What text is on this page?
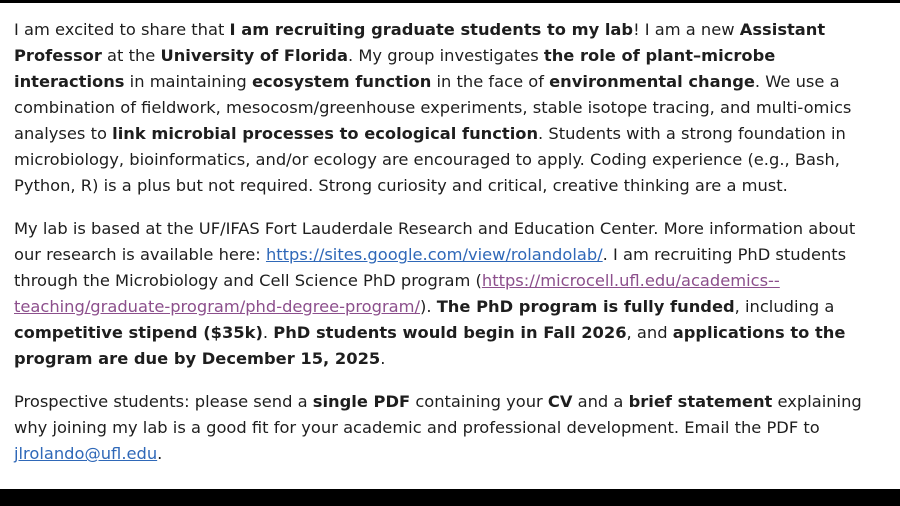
I am excited to share that I am recruiting graduate students to my lab! I am a new Assistant Professor at the University of Florida. My group investigates the role of plant–microbe interactions in maintaining ecosystem function in the face of environmental change. We use a combination of fieldwork, mesocosm/greenhouse experiments, stable isotope tracing, and multi-omics analyses to link microbial processes to ecological function. Students with a strong foundation in microbiology, bioinformatics, and/or ecology are encouraged to apply. Coding experience (e.g., Bash, Python, R) is a plus but not required. Strong curiosity and critical, creative thinking are a must.

My lab is based at the UF/IFAS Fort Lauderdale Research and Education Center. More information about our research is available here: https://sites.google.com/view/rolandolab/. I am recruiting PhD students through the Microbiology and Cell Science PhD program (https://microcell.ufl.edu/academics--teaching/graduate-program/phd-degree-program/). The PhD program is fully funded, including a competitive stipend ($35k). PhD students would begin in Fall 2026, and applications to the program are due by December 15, 2025.

Prospective students: please send a single PDF containing your CV and a brief statement explaining why joining my lab is a good fit for your academic and professional development. Email the PDF to jlrolando@ufl.edu.
